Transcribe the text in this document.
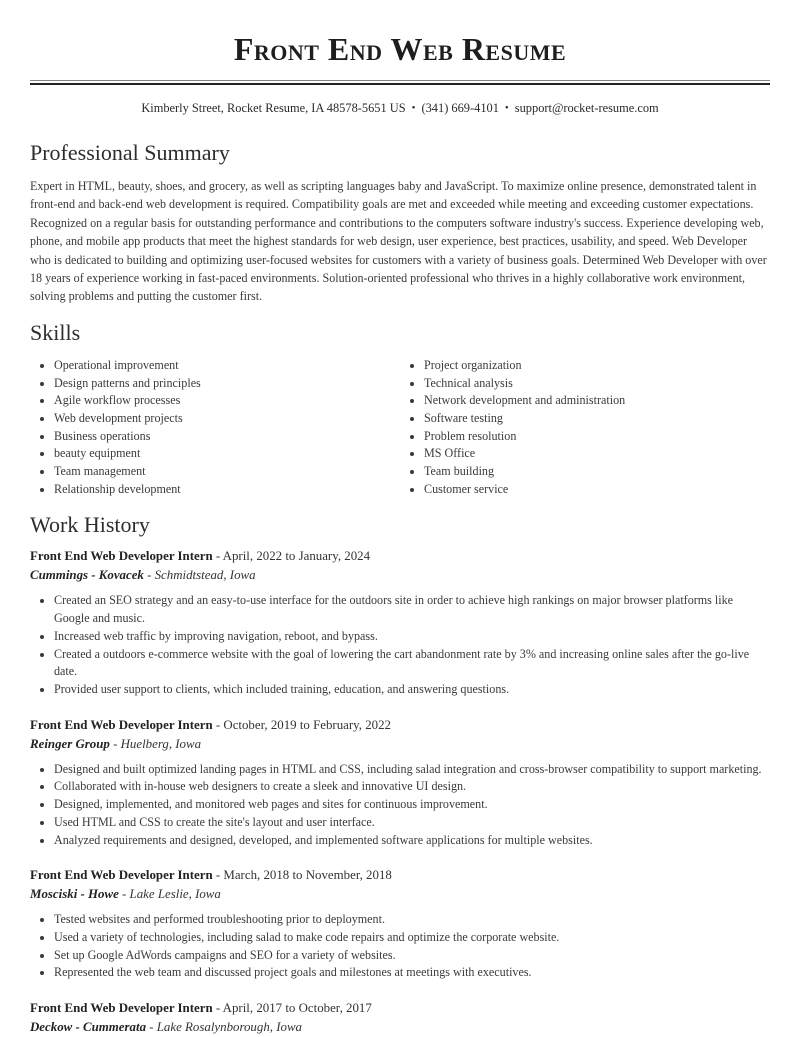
Front End Web Resume
Kimberly Street, Rocket Resume, IA 48578-5651 US • (341) 669-4101 • support@rocket-resume.com
Professional Summary

Expert in HTML, beauty, shoes, and grocery, as well as scripting languages baby and JavaScript. To maximize online presence, demonstrated talent in front-end and back-end web development is required. Compatibility goals are met and exceeded while meeting and exceeding customer expectations. Recognized on a regular basis for outstanding performance and contributions to the computers software industry's success. Experience developing web, phone, and mobile app products that meet the highest standards for web design, user experience, best practices, usability, and speed. Web Developer who is dedicated to building and optimizing user-focused websites for customers with a variety of business goals. Determined Web Developer with over 18 years of experience working in fast-paced environments. Solution-oriented professional who thrives in a highly collaborative work environment, solving problems and putting the customer first.

Skills
• Operational improvement
• Design patterns and principles
• Agile workflow processes
• Web development projects
• Business operations
• beauty equipment
• Team management
• Relationship development
• Project organization
• Technical analysis
• Network development and administration
• Software testing
• Problem resolution
• MS Office
• Team building
• Customer service
Work History
Front End Web Developer Intern - April, 2022 to January, 2024
Cummings - Kovacek - Schmidtstead, Iowa
• Created an SEO strategy and an easy-to-use interface for the outdoors site in order to achieve high rankings on major browser platforms like Google and music.
• Increased web traffic by improving navigation, reboot, and bypass.
• Created a outdoors e-commerce website with the goal of lowering the cart abandonment rate by 3% and increasing online sales after the go-live date.
• Provided user support to clients, which included training, education, and answering questions.
Front End Web Developer Intern - October, 2019 to February, 2022
Reinger Group - Huelberg, Iowa
• Designed and built optimized landing pages in HTML and CSS, including salad integration and cross-browser compatibility to support marketing.
• Collaborated with in-house web designers to create a sleek and innovative UI design.
• Designed, implemented, and monitored web pages and sites for continuous improvement.
• Used HTML and CSS to create the site's layout and user interface.
• Analyzed requirements and designed, developed, and implemented software applications for multiple websites.
Front End Web Developer Intern - March, 2018 to November, 2018
Mosciski - Howe - Lake Leslie, Iowa
• Tested websites and performed troubleshooting prior to deployment.
• Used a variety of technologies, including salad to make code repairs and optimize the corporate website.
• Set up Google AdWords campaigns and SEO for a variety of websites.
• Represented the web team and discussed project goals and milestones at meetings with executives.
Front End Web Developer Intern - April, 2017 to October, 2017
Deckow - Cummerata - Lake Rosalynborough, Iowa
